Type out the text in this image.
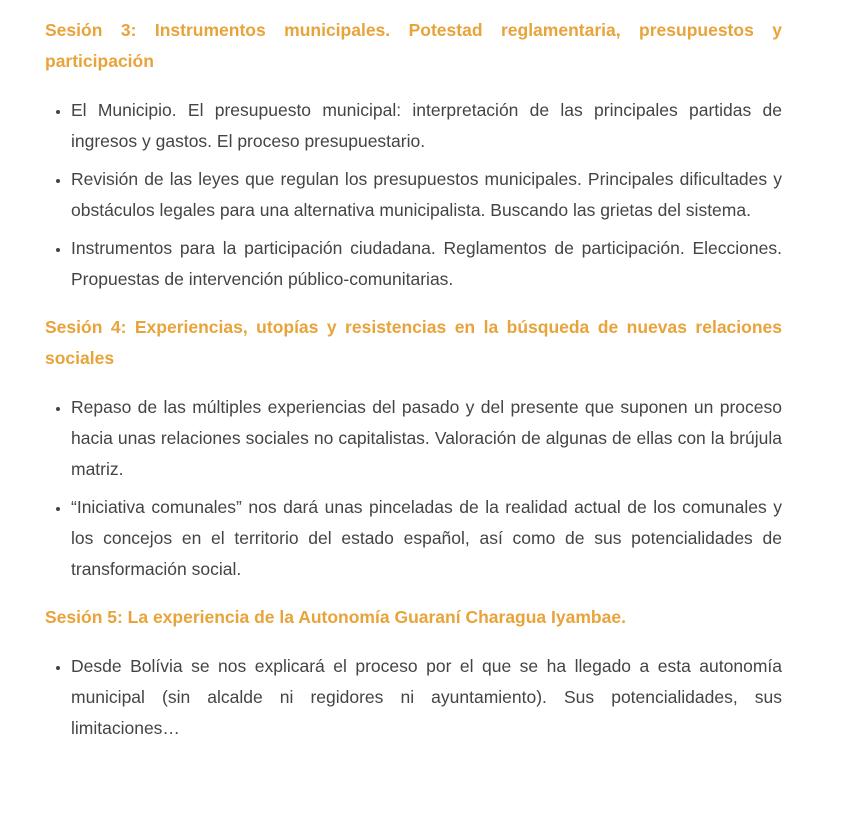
Sesión 3: Instrumentos municipales. Potestad reglamentaria, presupuestos y participación
• El Municipio. El presupuesto municipal: interpretación de las principales partidas de ingresos y gastos. El proceso presupuestario.
• Revisión de las leyes que regulan los presupuestos municipales. Principales dificultades y obstáculos legales para una alternativa municipalista. Buscando las grietas del sistema.
• Instrumentos para la participación ciudadana. Reglamentos de participación. Elecciones. Propuestas de intervención público-comunitarias.
Sesión 4: Experiencias, utopías y resistencias en la búsqueda de nuevas relaciones sociales
• Repaso de las múltiples experiencias del pasado y del presente que suponen un proceso hacia unas relaciones sociales no capitalistas. Valoración de algunas de ellas con la brújula matriz.
• “Iniciativa comunales” nos dará unas pinceladas de la realidad actual de los comunales y los concejos en el territorio del estado español, así como de sus potencialidades de transformación social.
Sesión 5: La experiencia de la Autonomía Guaraní Charagua Iyambae.
• Desde Bolívia se nos explicará el proceso por el que se ha llegado a esta autonomía municipal (sin alcalde ni regidores ni ayuntamiento). Sus potencialidades, sus limitaciones…
